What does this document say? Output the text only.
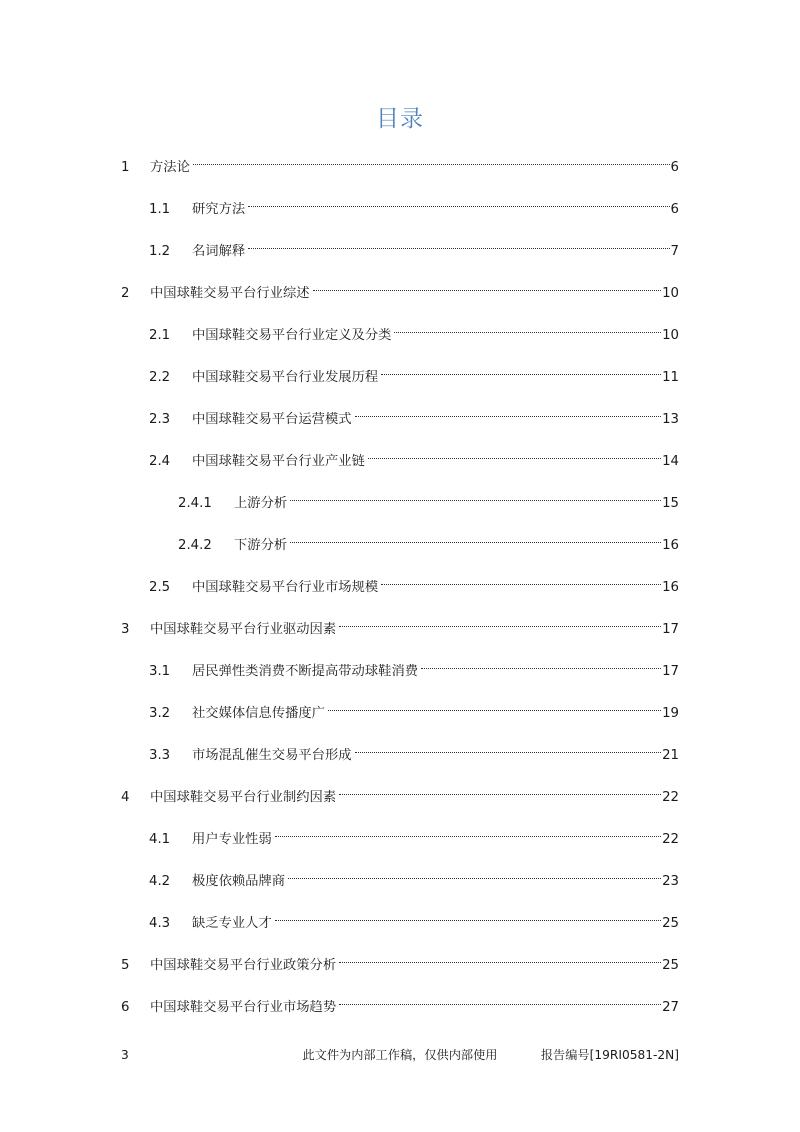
目录
1	方法论	6
1.1	研究方法	6
1.2	名词解释	7
2	中国球鞋交易平台行业综述	10
2.1	中国球鞋交易平台行业定义及分类	10
2.2	中国球鞋交易平台行业发展历程	11
2.3	中国球鞋交易平台运营模式	13
2.4	中国球鞋交易平台行业产业链	14
2.4.1	上游分析	15
2.4.2	下游分析	16
2.5	中国球鞋交易平台行业市场规模	16
3	中国球鞋交易平台行业驱动因素	17
3.1	居民弹性类消费不断提高带动球鞋消费	17
3.2	社交媒体信息传播度广	19
3.3	市场混乱催生交易平台形成	21
4	中国球鞋交易平台行业制约因素	22
4.1	用户专业性弱	22
4.2	极度依赖品牌商	23
4.3	缺乏专业人才	25
5	中国球鞋交易平台行业政策分析	25
6	中国球鞋交易平台行业市场趋势	27
3	此文件为内部工作稿，仅供内部使用	报告编号[19RI0581-2N]
